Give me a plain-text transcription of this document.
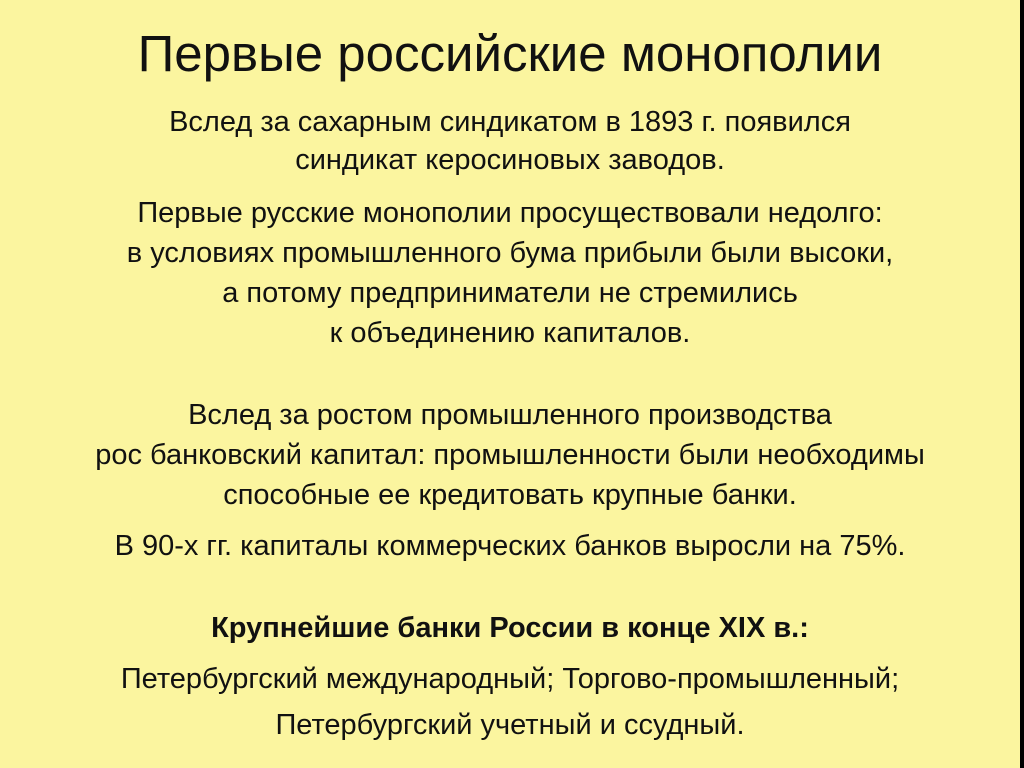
Первые российские монополии
Вслед за сахарным синдикатом в 1893 г. появился
синдикат керосиновых заводов.
Первые русские монополии просуществовали недолго:
в условиях промышленного бума прибыли были высоки,
а потому предприниматели не стремились
к объединению капиталов.
Вслед за ростом промышленного производства
рос банковский капитал: промышленности были необходимы
способные ее кредитовать крупные банки.
В 90-х гг. капиталы коммерческих банков выросли на 75%.
Крупнейшие банки России в конце XIX в.:
Петербургский международный; Торгово-промышленный;
Петербургский учетный и ссудный.
